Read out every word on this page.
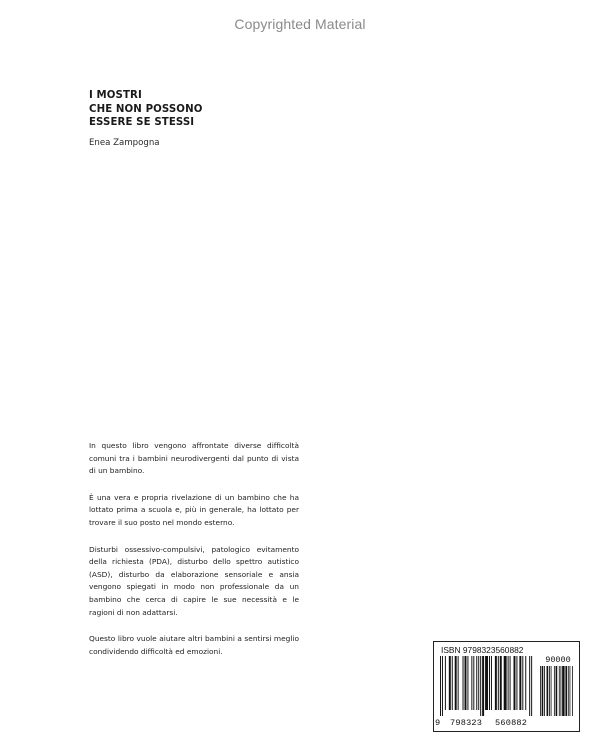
Copyrighted Material
I MOSTRI
CHE NON POSSONO
ESSERE SE STESSI
Enea Zampogna

In questo libro vengono affrontate diverse difficoltà comuni tra i bambini neurodivergenti dal punto di vista di un bambino.

È una vera e propria rivelazione di un bambino che ha lottato prima a scuola e, più in generale, ha lottato per trovare il suo posto nel mondo esterno.

Disturbi ossessivo-compulsivi, patologico evitamento della richiesta (PDA), disturbo dello spettro autistico (ASD), disturbo da elaborazione sensoriale e ansia vengono spiegati in modo non professionale da un bambino che cerca di capire le sue necessità e le ragioni di non adattarsi.

Questo libro vuole aiutare altri bambini a sentirsi meglio condividendo difficoltà ed emozioni.	ISBN 9798323560882
90000
9 798323 560882
